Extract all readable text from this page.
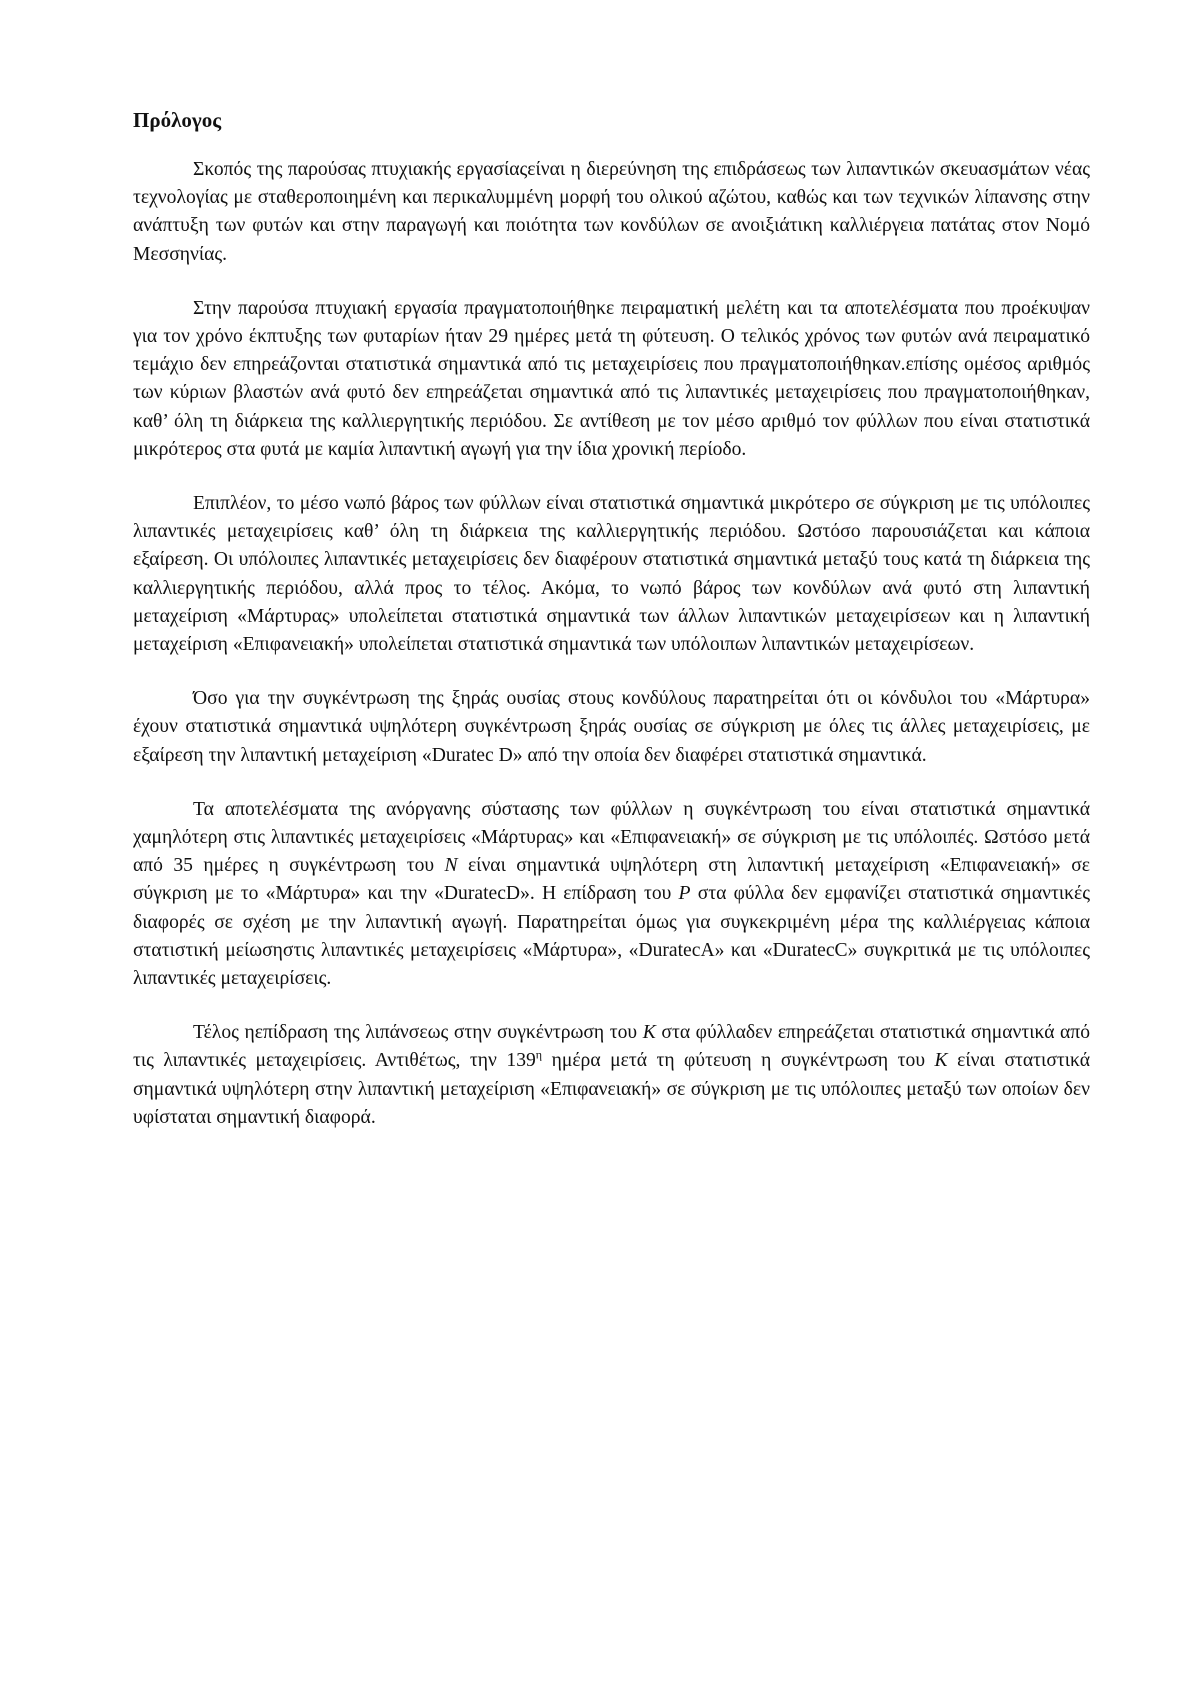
Πρόλογος

Σκοπός της παρούσας πτυχιακής εργασίαςείναι η διερεύνηση της επιδράσεως των λιπαντικών σκευασμάτων νέας τεχνολογίας με σταθεροποιημένη και περικαλυμμένη μορφή του ολικού αζώτου, καθώς και των τεχνικών λίπανσης στην ανάπτυξη των φυτών και στην παραγωγή και ποιότητα των κονδύλων σε ανοιξιάτικη καλλιέργεια πατάτας στον Νομό Μεσσηνίας.

Στην παρούσα πτυχιακή εργασία πραγματοποιήθηκε πειραματική μελέτη και τα αποτελέσματα που προέκυψαν για τον χρόνο έκπτυξης των φυταρίων ήταν 29 ημέρες μετά τη φύτευση. Ο τελικός χρόνος των φυτών ανά πειραματικό τεμάχιο δεν επηρεάζονται στατιστικά σημαντικά από τις μεταχειρίσεις που πραγματοποιήθηκαν.επίσης ομέσος αριθμός των κύριων βλαστών ανά φυτό δεν επηρεάζεται σημαντικά από τις λιπαντικές μεταχειρίσεις που πραγματοποιήθηκαν, καθ’ όλη τη διάρκεια της καλλιεργητικής περιόδου. Σε αντίθεση με τον μέσο αριθμό τον φύλλων που είναι στατιστικά μικρότερος στα φυτά με καμία λιπαντική αγωγή για την ίδια χρονική περίοδο.

Επιπλέον, το μέσο νωπό βάρος των φύλλων είναι στατιστικά σημαντικά μικρότερο σε σύγκριση με τις υπόλοιπες λιπαντικές μεταχειρίσεις καθ’ όλη τη διάρκεια της καλλιεργητικής περιόδου. Ωστόσο παρουσιάζεται και κάποια εξαίρεση. Οι υπόλοιπες λιπαντικές μεταχειρίσεις δεν διαφέρουν στατιστικά σημαντικά μεταξύ τους κατά τη διάρκεια της καλλιεργητικής περιόδου, αλλά προς το τέλος. Ακόμα, το νωπό βάρος των κονδύλων ανά φυτό στη λιπαντική μεταχείριση «Μάρτυρας» υπολείπεται στατιστικά σημαντικά των άλλων λιπαντικών μεταχειρίσεων και η λιπαντική μεταχείριση «Επιφανειακή» υπολείπεται στατιστικά σημαντικά των υπόλοιπων λιπαντικών μεταχειρίσεων.

Όσο για την συγκέντρωση της ξηράς ουσίας στους κονδύλους παρατηρείται ότι οι κόνδυλοι του «Μάρτυρα» έχουν στατιστικά σημαντικά υψηλότερη συγκέντρωση ξηράς ουσίας σε σύγκριση με όλες τις άλλες μεταχειρίσεις, με εξαίρεση την λιπαντική μεταχείριση «Duratec D» από την οποία δεν διαφέρει στατιστικά σημαντικά.

Τα αποτελέσματα της ανόργανης σύστασης των φύλλων η συγκέντρωση του είναι στατιστικά σημαντικά χαμηλότερη στις λιπαντικές μεταχειρίσεις «Μάρτυρας» και «Επιφανειακή» σε σύγκριση με τις υπόλοιπές. Ωστόσο μετά από 35 ημέρες η συγκέντρωση του N είναι σημαντικά υψηλότερη στη λιπαντική μεταχείριση «Επιφανειακή» σε σύγκριση με το «Μάρτυρα» και την «DuratecD». Η επίδραση του P στα φύλλα δεν εμφανίζει στατιστικά σημαντικές διαφορές σε σχέση με την λιπαντική αγωγή. Παρατηρείται όμως για συγκεκριμένη μέρα της καλλιέργειας κάποια στατιστική μείωσηστις λιπαντικές μεταχειρίσεις «Μάρτυρα», «DuratecA» και «DuratecC» συγκριτικά με τις υπόλοιπες λιπαντικές μεταχειρίσεις.

Τέλος ηεπίδραση της λιπάνσεως στην συγκέντρωση του K στα φύλλαδεν επηρεάζεται στατιστικά σημαντικά από τις λιπαντικές μεταχειρίσεις. Αντιθέτως, την $139^\eta$ ημέρα μετά τη φύτευση η συγκέντρωση του K είναι στατιστικά σημαντικά υψηλότερη στην λιπαντική μεταχείριση «Επιφανειακή» σε σύγκριση με τις υπόλοιπες μεταξύ των οποίων δεν υφίσταται σημαντική διαφορά.
